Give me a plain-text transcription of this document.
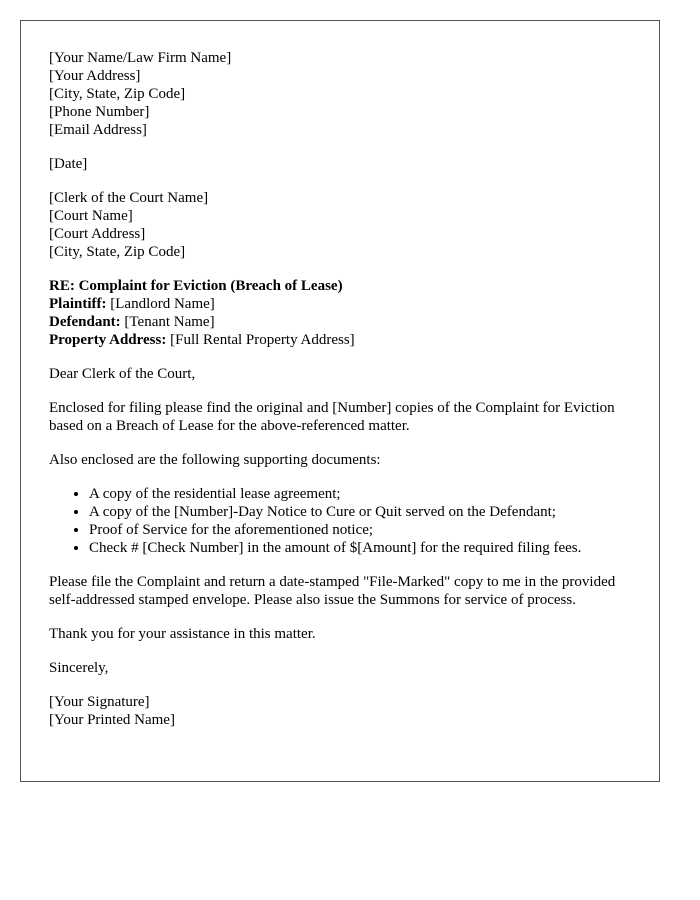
[Your Name/Law Firm Name]
[Your Address]
[City, State, Zip Code]
[Phone Number]
[Email Address]
[Date]
[Clerk of the Court Name]
[Court Name]
[Court Address]
[City, State, Zip Code]
RE: Complaint for Eviction (Breach of Lease)
Plaintiff: [Landlord Name]
Defendant: [Tenant Name]
Property Address: [Full Rental Property Address]

Dear Clerk of the Court,

Enclosed for filing please find the original and [Number] copies of the Complaint for Eviction based on a Breach of Lease for the above-referenced matter.

Also enclosed are the following supporting documents:

• A copy of the residential lease agreement;
• A copy of the [Number]-Day Notice to Cure or Quit served on the Defendant;
• Proof of Service for the aforementioned notice;
• Check # [Check Number] in the amount of $[Amount] for the required filing fees.

Please file the Complaint and return a date-stamped "File-Marked" copy to me in the provided self-addressed stamped envelope. Please also issue the Summons for service of process.

Thank you for your assistance in this matter.

Sincerely,

[Your Signature]
[Your Printed Name]
